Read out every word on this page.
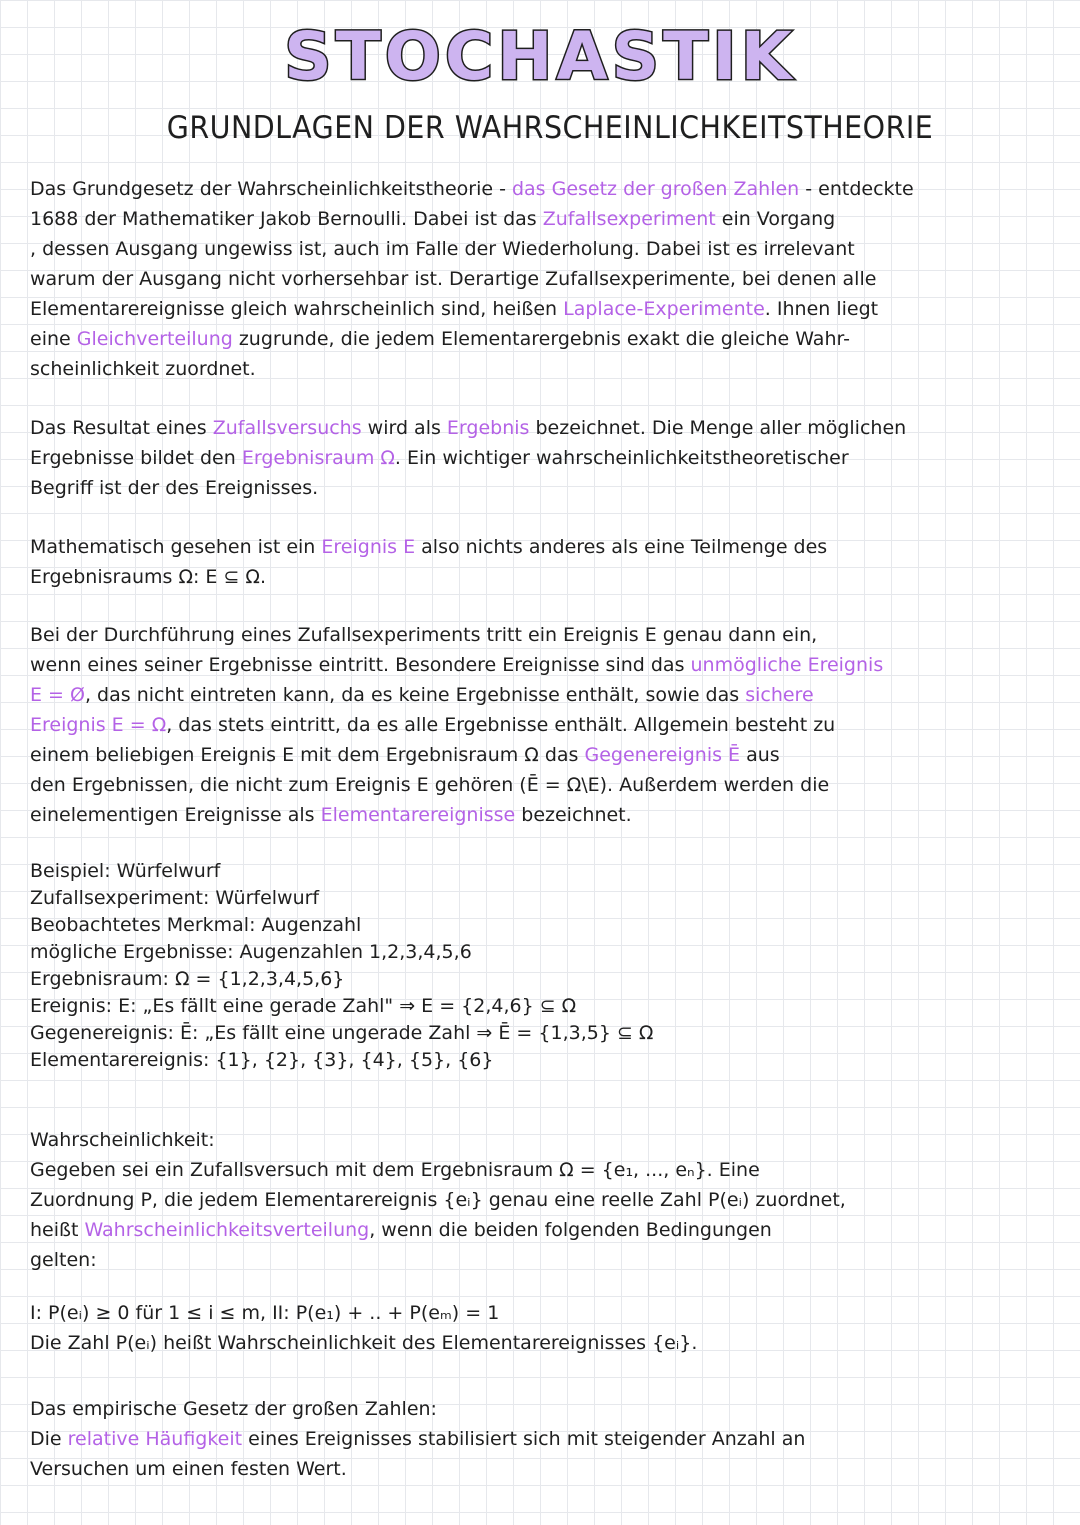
STOCHASTIK
GRUNDLAGEN DER WAHRSCHEINLICHKEITSTHEORIE
Das Grundgesetz der Wahrscheinlichkeitstheorie - das Gesetz der großen Zahlen - entdeckte
1688 der Mathematiker Jakob Bernoulli. Dabei ist das Zufallsexperiment ein Vorgang
, dessen Ausgang ungewiss ist, auch im Falle der Wiederholung. Dabei ist es irrelevant
warum der Ausgang nicht vorhersehbar ist. Derartige Zufallsexperimente, bei denen alle
Elementarereignisse gleich wahrscheinlich sind, heißen Laplace-Experimente. Ihnen liegt
eine Gleichverteilung zugrunde, die jedem Elementarergebnis exakt die gleiche Wahr-
scheinlichkeit zuordnet.
Das Resultat eines Zufallsversuchs wird als Ergebnis bezeichnet. Die Menge aller möglichen
Ergebnisse bildet den Ergebnisraum Ω. Ein wichtiger wahrscheinlichkeitstheoretischer
Begriff ist der des Ereignisses.
Mathematisch gesehen ist ein Ereignis E also nichts anderes als eine Teilmenge des
Ergebnisraums Ω: E ⊆ Ω.
Bei der Durchführung eines Zufallsexperiments tritt ein Ereignis E genau dann ein,
wenn eines seiner Ergebnisse eintritt. Besondere Ereignisse sind das unmögliche Ereignis
E = Ø, das nicht eintreten kann, da es keine Ergebnisse enthält, sowie das sichere
Ereignis E = Ω, das stets eintritt, da es alle Ergebnisse enthält. Allgemein besteht zu
einem beliebigen Ereignis E mit dem Ergebnisraum Ω das Gegenereignis Ē aus
den Ergebnissen, die nicht zum Ereignis E gehören (Ē = Ω\E). Außerdem werden die
einelementigen Ereignisse als Elementarereignisse bezeichnet.
Beispiel: Würfelwurf
Zufallsexperiment: Würfelwurf
Beobachtetes Merkmal: Augenzahl
mögliche Ergebnisse: Augenzahlen 1,2,3,4,5,6
Ergebnisraum: Ω = {1,2,3,4,5,6}
Ereignis: E: „Es fällt eine gerade Zahl" ⇒ E = {2,4,6} ⊆ Ω
Gegenereignis: Ē: „Es fällt eine ungerade Zahl ⇒ Ē = {1,3,5} ⊆ Ω
Elementarereignis: {1}, {2}, {3}, {4}, {5}, {6}
Wahrscheinlichkeit:
Gegeben sei ein Zufallsversuch mit dem Ergebnisraum Ω = {e₁, ..., eₙ}. Eine
Zuordnung P, die jedem Elementarereignis {eᵢ} genau eine reelle Zahl P(eᵢ) zuordnet,
heißt Wahrscheinlichkeitsverteilung, wenn die beiden folgenden Bedingungen
gelten:
I: P(eᵢ) ≥ 0 für 1 ≤ i ≤ m, II: P(e₁) + .. + P(eₘ) = 1
Die Zahl P(eᵢ) heißt Wahrscheinlichkeit des Elementarereignisses {eᵢ}.
Das empirische Gesetz der großen Zahlen:
Die relative Häufigkeit eines Ereignisses stabilisiert sich mit steigender Anzahl an
Versuchen um einen festen Wert.
